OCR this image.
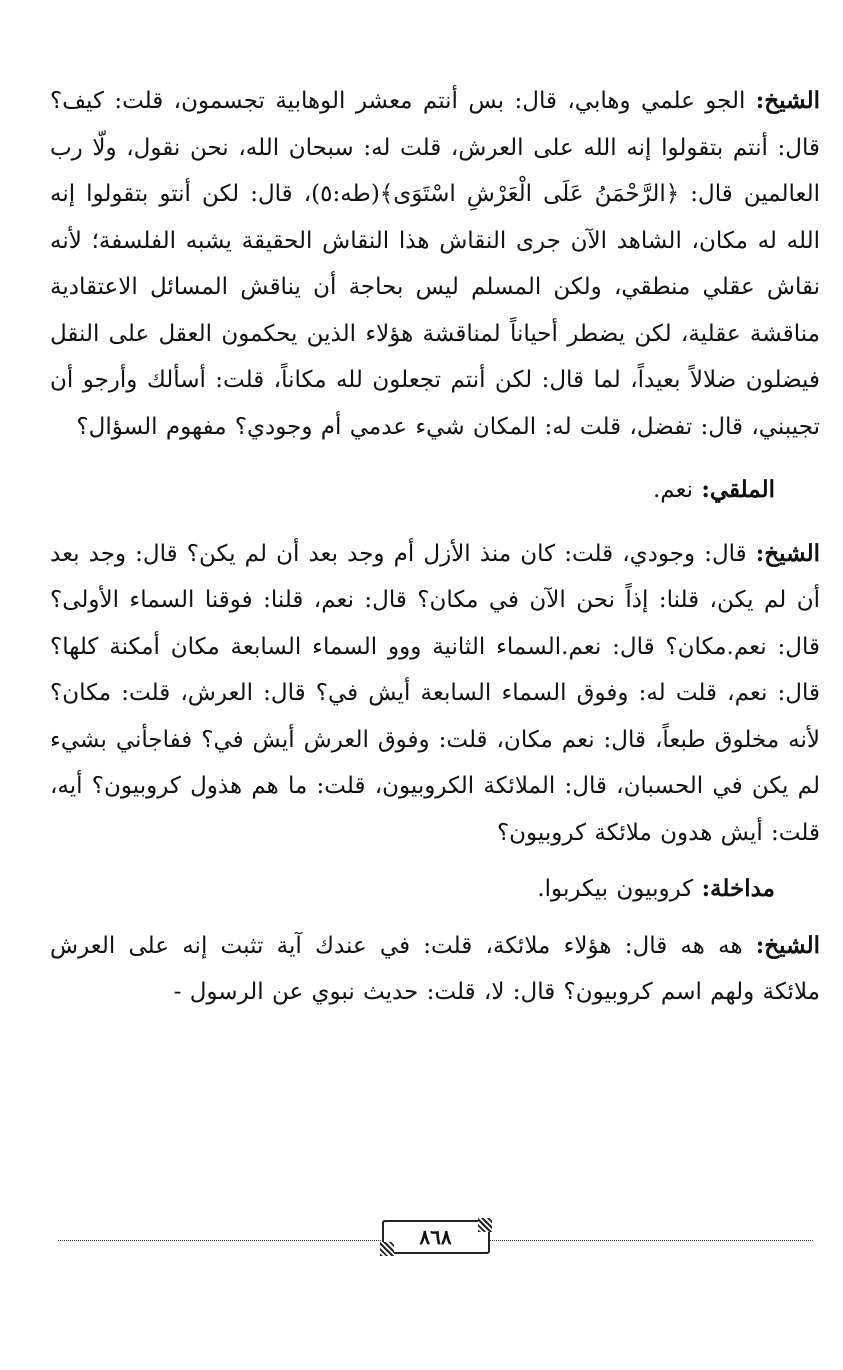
الشيخ: الجو علمي وهابي، قال: بس أنتم معشر الوهابية تجسمون، قلت: كيف؟ قال: أنتم بتقولوا إنه الله على العرش، قلت له: سبحان الله، نحن نقول، ولّا رب العالمين قال: ﴿الرَّحْمَنُ عَلَى الْعَرْشِ اسْتَوَى﴾(طه:٥)، قال: لكن أنتو بتقولوا إنه الله له مكان، الشاهد الآن جرى النقاش هذا النقاش الحقيقة يشبه الفلسفة؛ لأنه نقاش عقلي منطقي، ولكن المسلم ليس بحاجة أن يناقش المسائل الاعتقادية مناقشة عقلية، لكن يضطر أحياناً لمناقشة هؤلاء الذين يحكمون العقل على النقل فيضلون ضلالاً بعيداً، لما قال: لكن أنتم تجعلون لله مكاناً، قلت: أسألك وأرجو أن تجيبني، قال: تفضل، قلت له: المكان شيء عدمي أم وجودي؟ مفهوم السؤال؟

الملقي: نعم.

الشيخ: قال: وجودي، قلت: كان منذ الأزل أم وجد بعد أن لم يكن؟ قال: وجد بعد أن لم يكن، قلنا: إذاً نحن الآن في مكان؟ قال: نعم، قلنا: فوقنا السماء الأولى؟ قال: نعم.مكان؟ قال: نعم.السماء الثانية ووو السماء السابعة مكان أمكنة كلها؟ قال: نعم، قلت له: وفوق السماء السابعة أيش في؟ قال: العرش، قلت: مكان؟ لأنه مخلوق طبعاً، قال: نعم مكان، قلت: وفوق العرش أيش في؟ ففاجأني بشيء لم يكن في الحسبان، قال: الملائكة الكروبيون، قلت: ما هم هذول كروبيون؟ أيه، قلت: أيش هدون ملائكة كروبيون؟

مداخلة: كروبيون بيكربوا.

الشيخ: هه هه قال: هؤلاء ملائكة، قلت: في عندك آية تثبت إنه على العرش ملائكة ولهم اسم كروبيون؟ قال: لا، قلت: حديث نبوي عن الرسول -

٨٦٨
